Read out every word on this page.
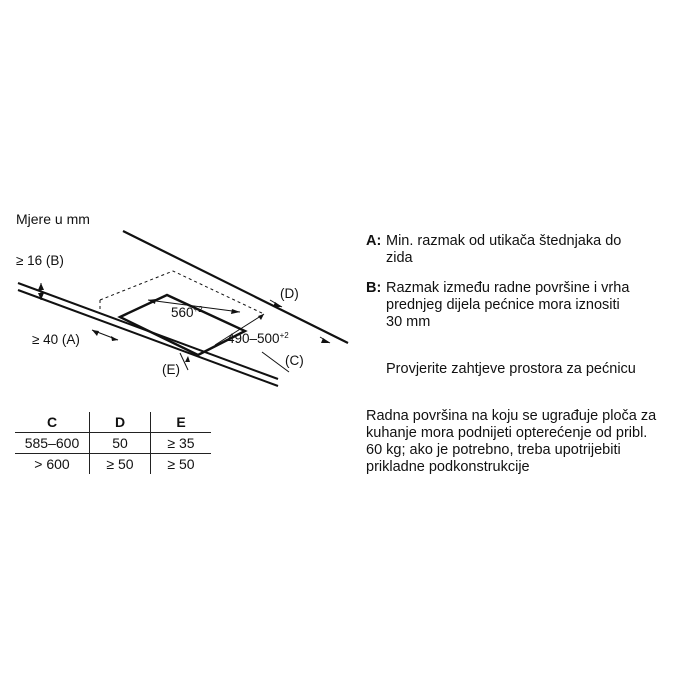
Mjere u mm
≥ 16 (B)
≥ 40 (A)
$560^{+2}$
$490-500^{+2}$
(D)
(C)
(E)
C	D	E
585–600	50	≥ 35
> 600	≥ 50	≥ 50
A: Min. razmak od utikača štednjaka do
zida
B: Razmak između radne površine i vrha
prednjeg dijela pećnice mora iznositi
30 mm
Provjerite zahtjeve prostora za pećnicu
Radna površina na koju se ugrađuje ploča za
kuhanje mora podnijeti opterećenje od pribl.
60 kg; ako je potrebno, treba upotrijebiti
prikladne podkonstrukcije
